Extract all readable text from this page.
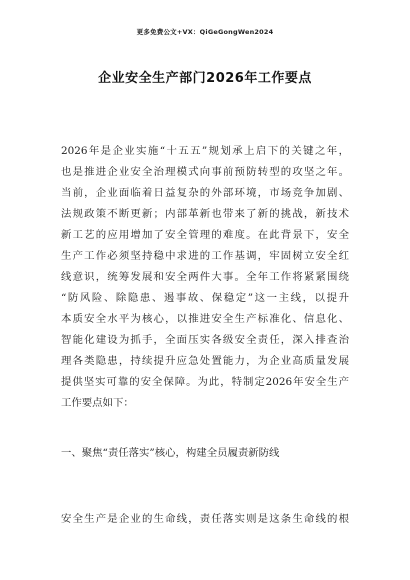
更多免费公文+VX：QiGeGongWen2024
企业安全生产部门2026年工作要点
2026年是企业实施“十五五”规划承上启下的关键之年，
也是推进企业安全治理模式向事前预防转型的攻坚之年。
当前，企业面临着日益复杂的外部环境，市场竞争加剧、
法规政策不断更新；内部革新也带来了新的挑战，新技术
新工艺的应用增加了安全管理的难度。在此背景下，安全
生产工作必须坚持稳中求进的工作基调，牢固树立安全红
线意识，统筹发展和安全两件大事。全年工作将紧紧围绕
“防风险、除隐患、遏事故、保稳定”这一主线，以提升
本质安全水平为核心，以推进安全生产标准化、信息化、
智能化建设为抓手，全面压实各级安全责任，深入排查治
理各类隐患，持续提升应急处置能力，为企业高质量发展
提供坚实可靠的安全保障。为此，特制定2026年安全生产
工作要点如下：
一、聚焦“责任落实”核心，构建全员履责新防线
安全生产是企业的生命线，责任落实则是这条生命线的根
